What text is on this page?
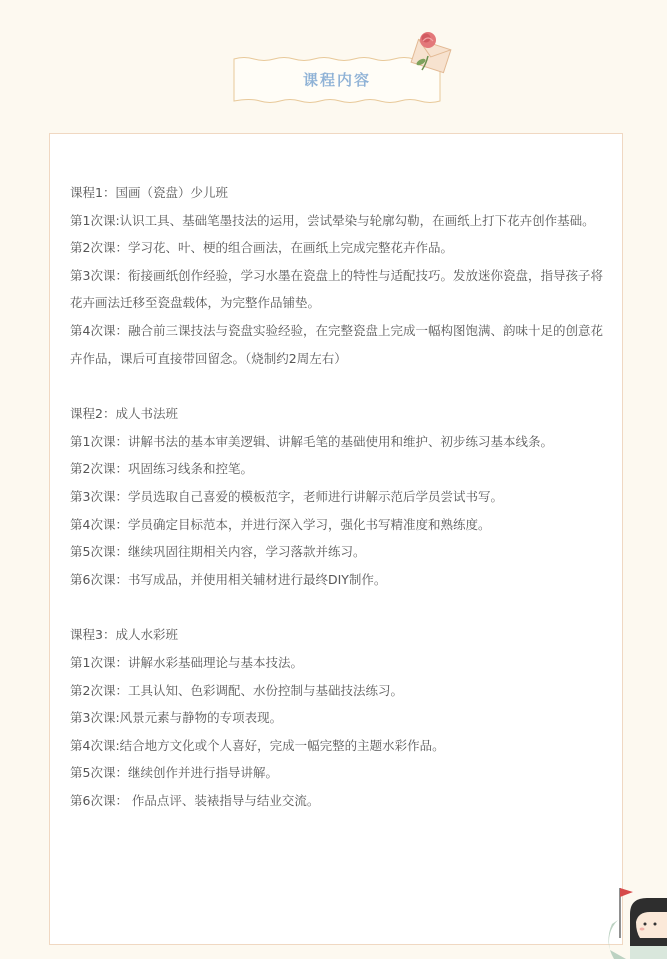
课程内容

课程1：国画（瓷盘）少儿班

第1次课:认识工具、基础笔墨技法的运用，尝试晕染与轮廓勾勒，在画纸上打下花卉创作基础。

第2次课：学习花、叶、梗的组合画法，在画纸上完成完整花卉作品。

第3次课：衔接画纸创作经验，学习水墨在瓷盘上的特性与适配技巧。发放迷你瓷盘，指导孩子将花卉画法迁移至瓷盘载体，为完整作品铺垫。

第4次课：融合前三课技法与瓷盘实验经验，在完整瓷盘上完成一幅构图饱满、韵味十足的创意花卉作品，课后可直接带回留念。（烧制约2周左右）

课程2：成人书法班

第1次课：讲解书法的基本审美逻辑、讲解毛笔的基础使用和维护、初步练习基本线条。

第2次课：巩固练习线条和控笔。

第3次课：学员选取自己喜爱的模板范字，老师进行讲解示范后学员尝试书写。

第4次课：学员确定目标范本，并进行深入学习，强化书写精准度和熟练度。

第5次课：继续巩固往期相关内容，学习落款并练习。

第6次课：书写成品，并使用相关辅材进行最终DIY制作。

课程3：成人水彩班

第1次课：讲解水彩基础理论与基本技法。

第2次课：工具认知、色彩调配、水份控制与基础技法练习。

第3次课:风景元素与静物的专项表现。

第4次课:结合地方文化或个人喜好，完成一幅完整的主题水彩作品。

第5次课：继续创作并进行指导讲解。

第6次课： 作品点评、装裱指导与结业交流。
